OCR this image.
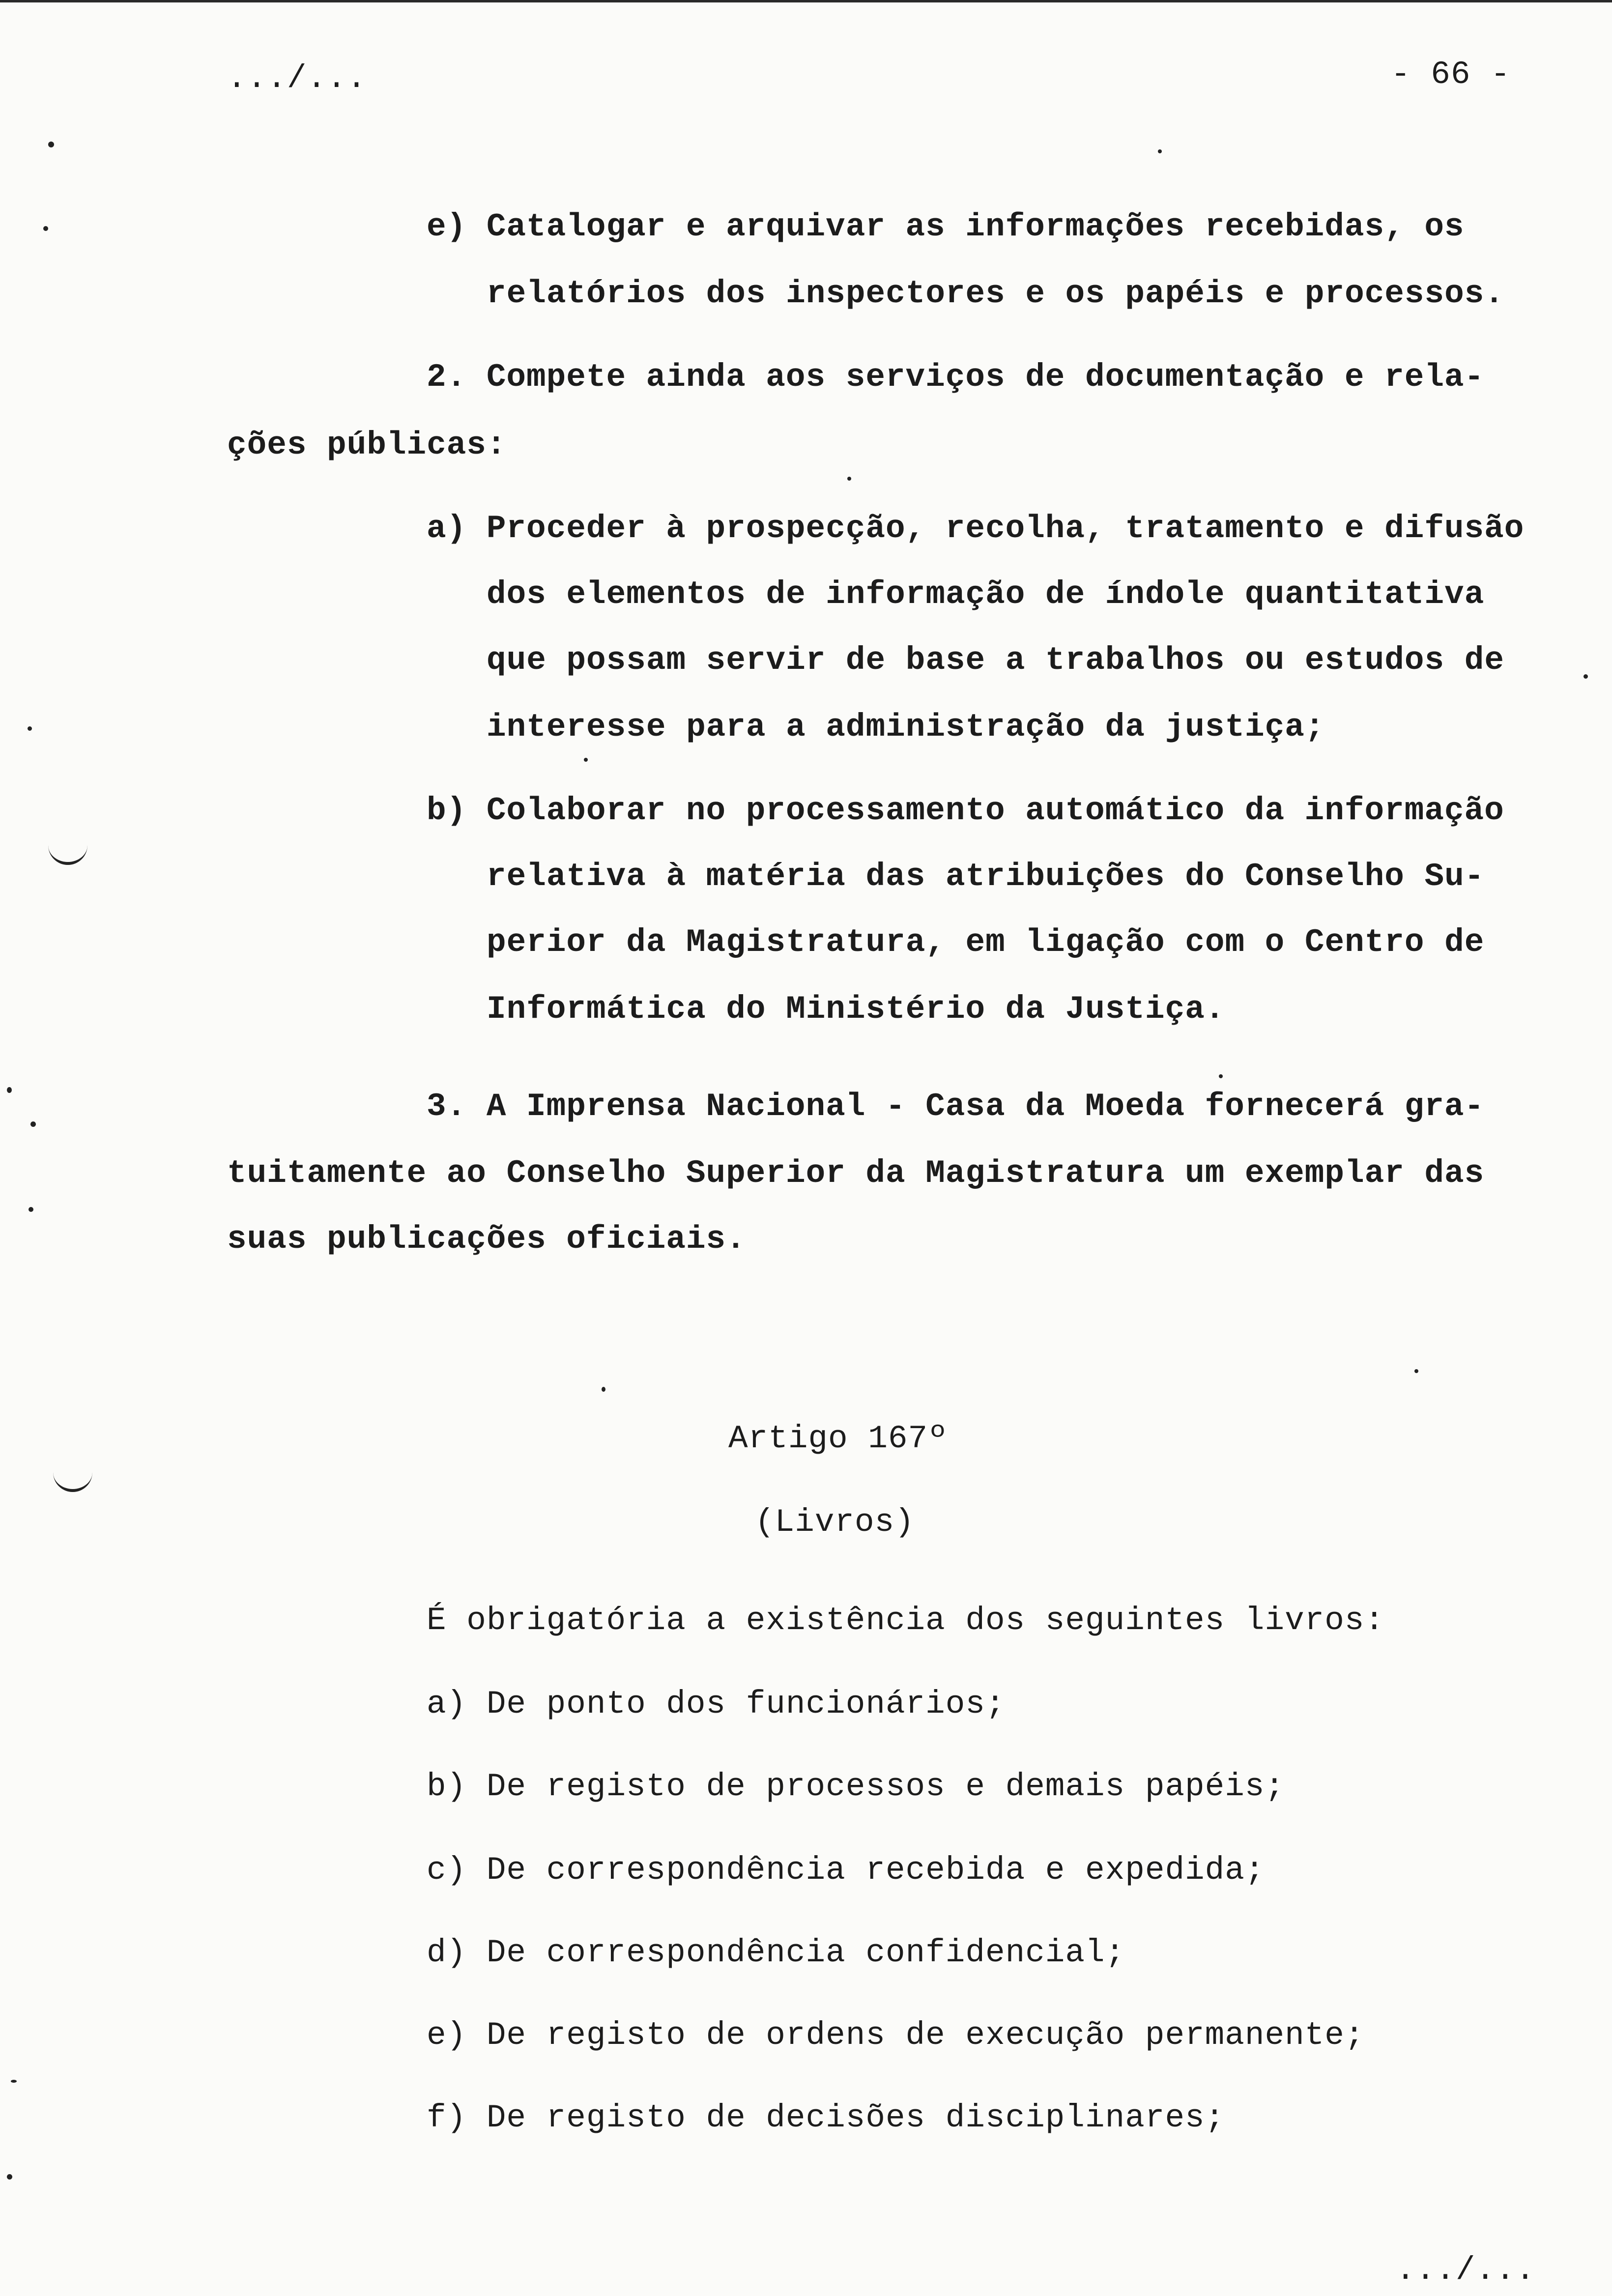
.../...	- 66 -
e) Catalogar e arquivar as informações recebidas, os
relatórios dos inspectores e os papéis e processos.
2. Compete ainda aos serviços de documentação e rela-
ções públicas:
a) Proceder à prospecção, recolha, tratamento e difusão
dos elementos de informação de índole quantitativa
que possam servir de base a trabalhos ou estudos de
interesse para a administração da justiça;
b) Colaborar no processamento automático da informação
relativa à matéria das atribuições do Conselho Su-
perior da Magistratura, em ligação com o Centro de
Informática do Ministério da Justiça.
3. A Imprensa Nacional - Casa da Moeda fornecerá gra-
tuitamente ao Conselho Superior da Magistratura um exemplar das
suas publicações oficiais.
Artigo 167º
(Livros)
É obrigatória a existência dos seguintes livros:
a) De ponto dos funcionários;
b) De registo de processos e demais papéis;
c) De correspondência recebida e expedida;
d) De correspondência confidencial;
e) De registo de ordens de execução permanente;
f) De registo de decisões disciplinares;
.../...
